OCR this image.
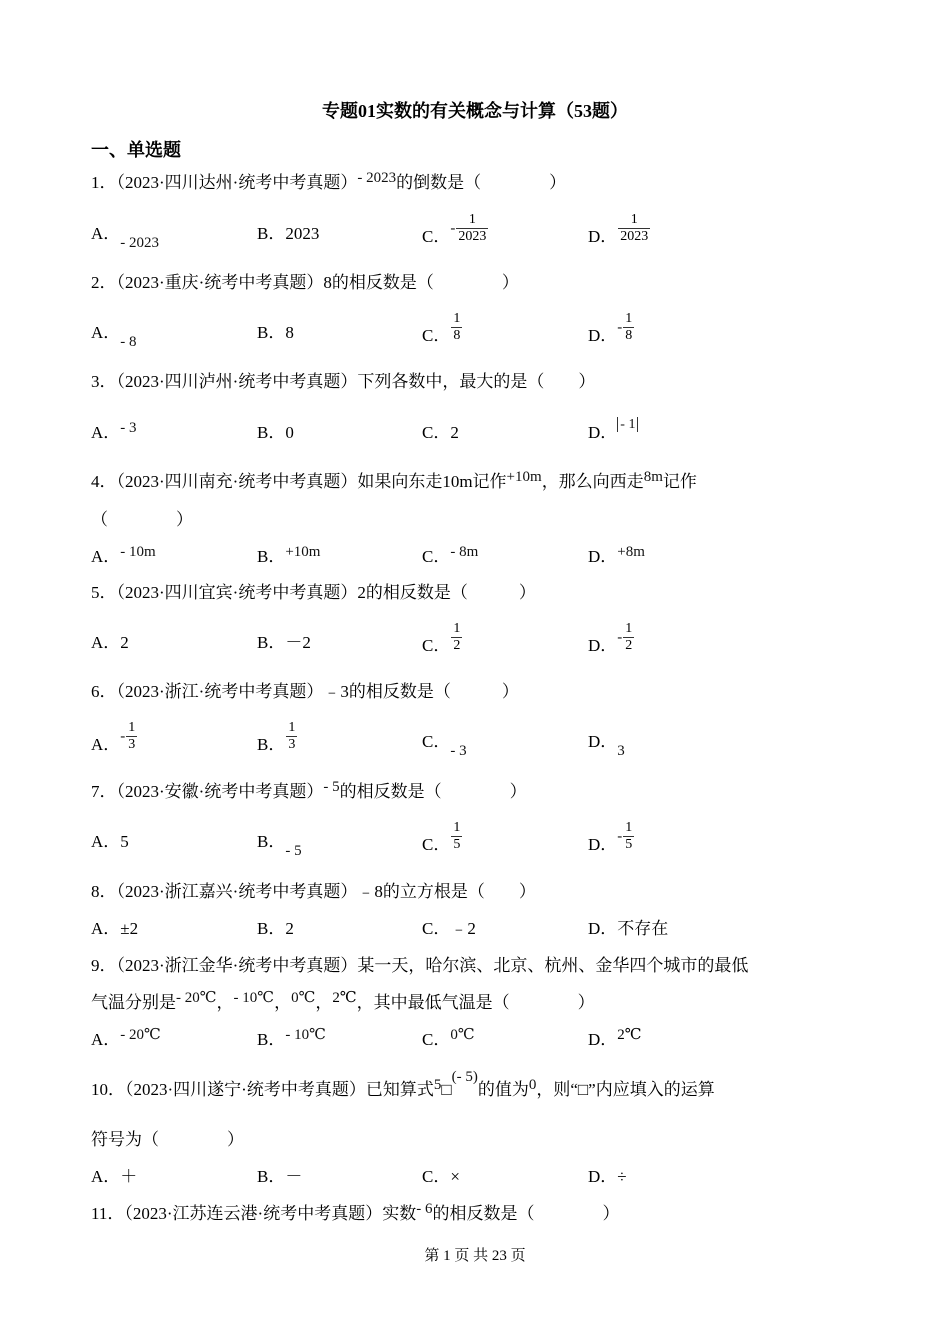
专题01实数的有关概念与计算（53题）
一、单选题
1．（2023·四川达州·统考中考真题）- 2023的倒数是（　　　　）
A．- 2023	B．2023	C．- $\frac{1}{2023}$	D． $\frac{1}{2023}$
2．（2023·重庆·统考中考真题）8的相反数是（　　　　）
A．- 8	B．8	C． $\frac{1}{8}$	D．- $\frac{1}{8}$
3．（2023·四川泸州·统考中考真题）下列各数中，最大的是（　　）
A．- 3	B．0	C．2	D． $^{- 1}$
4．（2023·四川南充·统考中考真题）如果向东走10m记作+10m，那么向西走8m记作
（　　　　）
A．- 10m	B．+10m	C．- 8m	D．+8m
5．（2023·四川宜宾·统考中考真题）2的相反数是（　　　）
A．2	B．－2	C． $\frac{1}{2}$	D．- $\frac{1}{2}$
6．（2023·浙江·统考中考真题）﹣3的相反数是（　　　）
A．- $\frac{1}{3}$	B． $\frac{1}{3}$	C．- 3	D．3
7．（2023·安徽·统考中考真题）- 5的相反数是（　　　　）
A．5	B．- 5	C． $\frac{1}{5}$	D．- $\frac{1}{5}$
8．（2023·浙江嘉兴·统考中考真题）﹣8的立方根是（　　）
A．±2	B．2	C．﹣2	D．不存在
9．（2023·浙江金华·统考中考真题）某一天，哈尔滨、北京、杭州、金华四个城市的最低
气温分别是- 20℃，- 10℃，0℃，2℃，其中最低气温是（　　　　）
A．- 20℃	B．- 10℃	C．0℃	D．2℃
10．（2023·四川遂宁·统考中考真题）已知算式5□(- 5)的值为0，则“□”内应填入的运算
符号为（　　　　）
A．＋	B．－	C．×	D．÷
11．（2023·江苏连云港·统考中考真题）实数- 6的相反数是（　　　　）
第 1 页 共 23 页
